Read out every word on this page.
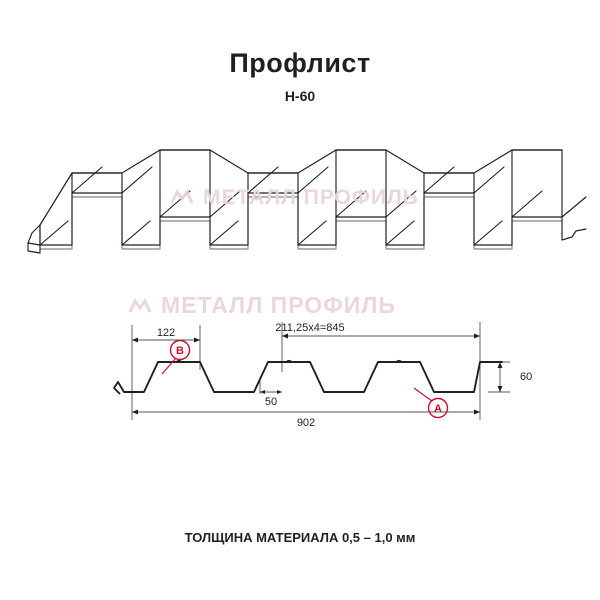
Профлист
Н-60
МЕТАЛЛ ПРОФИЛЬ
122	211,25х4=845
902
50
60
B
A
МЕТАЛЛ ПРОФИЛЬ
ТОЛЩИНА МАТЕРИАЛА 0,5 – 1,0 мм
